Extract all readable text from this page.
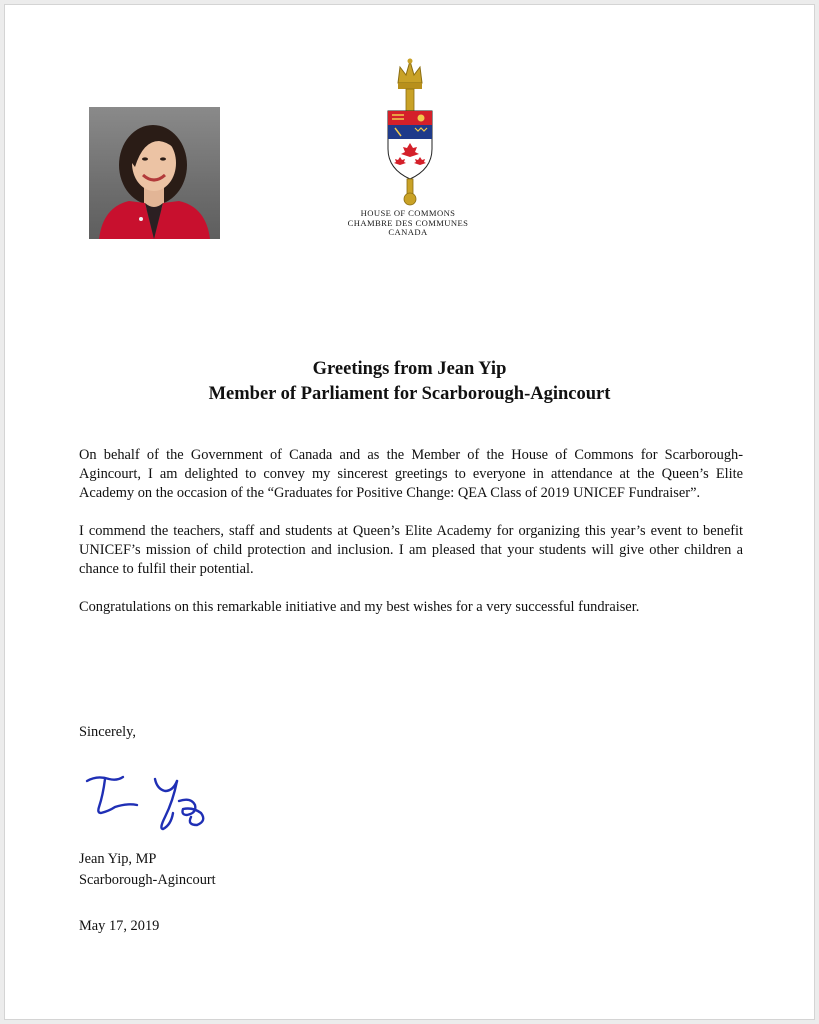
HOUSE OF COMMONS
CHAMBRE DES COMMUNES
CANADA
Greetings from Jean Yip
Member of Parliament for Scarborough-Agincourt

On behalf of the Government of Canada and as the Member of the House of Commons for Scarborough-Agincourt, I am delighted to convey my sincerest greetings to everyone in attendance at the Queen’s Elite Academy on the occasion of the “Graduates for Positive Change: QEA Class of 2019 UNICEF Fundraiser”.

I commend the teachers, staff and students at Queen’s Elite Academy for organizing this year’s event to benefit UNICEF’s mission of child protection and inclusion. I am pleased that your students will give other children a chance to fulfil their potential.

Congratulations on this remarkable initiative and my best wishes for a very successful fundraiser.

Sincerely,
Jean Yip, MP
Scarborough-Agincourt
May 17, 2019
